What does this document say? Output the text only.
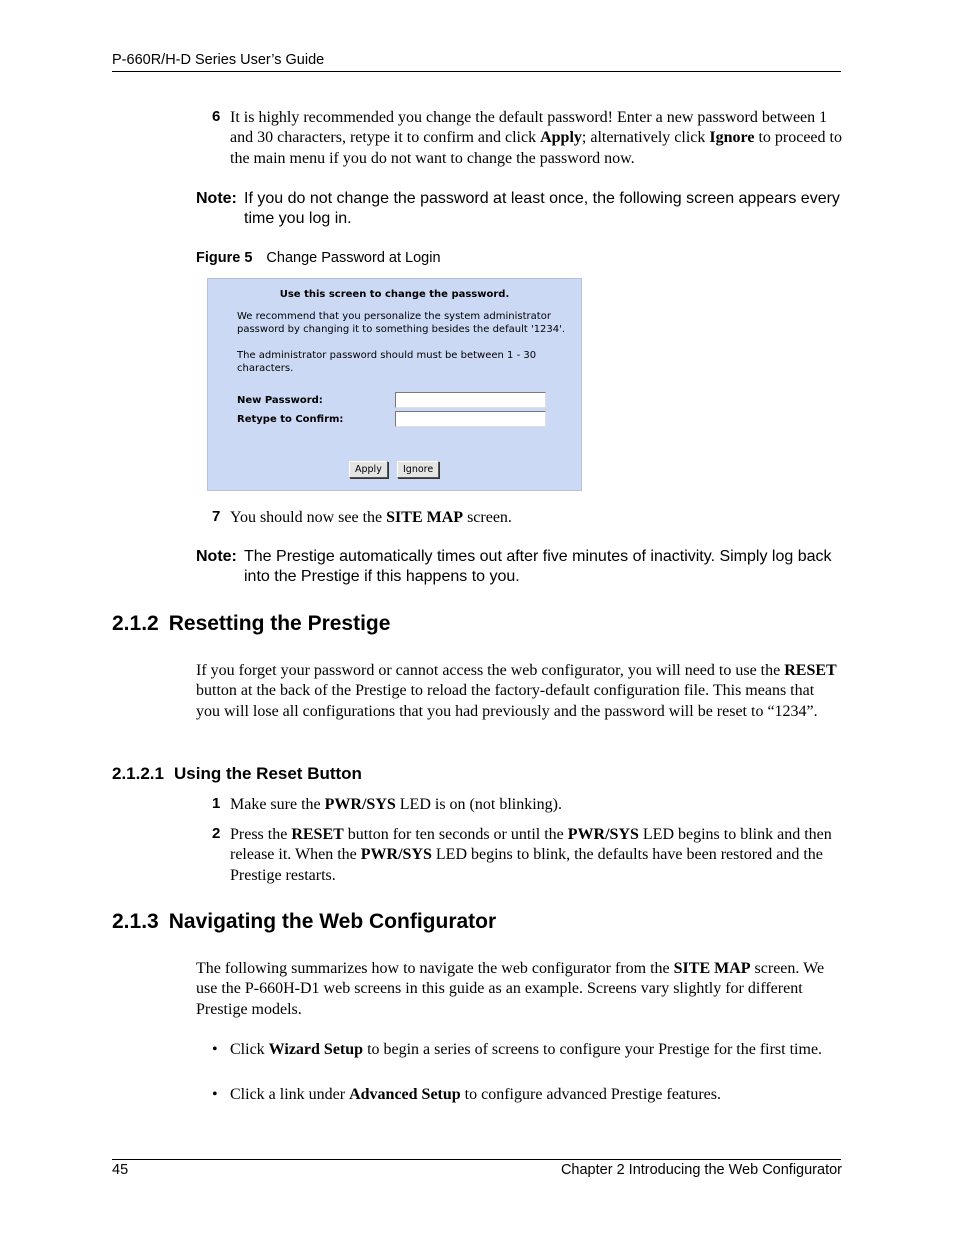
P-660R/H-D Series User’s Guide
6 It is highly recommended you change the default password! Enter a new password between 1 and 30 characters, retype it to confirm and click Apply; alternatively click Ignore to proceed to the main menu if you do not want to change the password now.
Note: If you do not change the password at least once, the following screen appears every time you log in.
Figure 5 Change Password at Login
Use this screen to change the password.
We recommend that you personalize the system administrator password by changing it to something besides the default '1234'.
The administrator password should must be between 1 - 30 characters.
New Password:
Retype to Confirm:
Apply	Ignore
7 You should now see the SITE MAP screen.
Note: The Prestige automatically times out after five minutes of inactivity. Simply log back into the Prestige if this happens to you.
2.1.2 Resetting the Prestige
If you forget your password or cannot access the web configurator, you will need to use the RESET button at the back of the Prestige to reload the factory-default configuration file. This means that you will lose all configurations that you had previously and the password will be reset to “1234”.
2.1.2.1 Using the Reset Button
1 Make sure the PWR/SYS LED is on (not blinking).
2 Press the RESET button for ten seconds or until the PWR/SYS LED begins to blink and then release it. When the PWR/SYS LED begins to blink, the defaults have been restored and the Prestige restarts.
2.1.3 Navigating the Web Configurator
The following summarizes how to navigate the web configurator from the SITE MAP screen. We use the P-660H-D1 web screens in this guide as an example. Screens vary slightly for different Prestige models.
• Click Wizard Setup to begin a series of screens to configure your Prestige for the first time.
• Click a link under Advanced Setup to configure advanced Prestige features.
45	Chapter 2 Introducing the Web Configurator
